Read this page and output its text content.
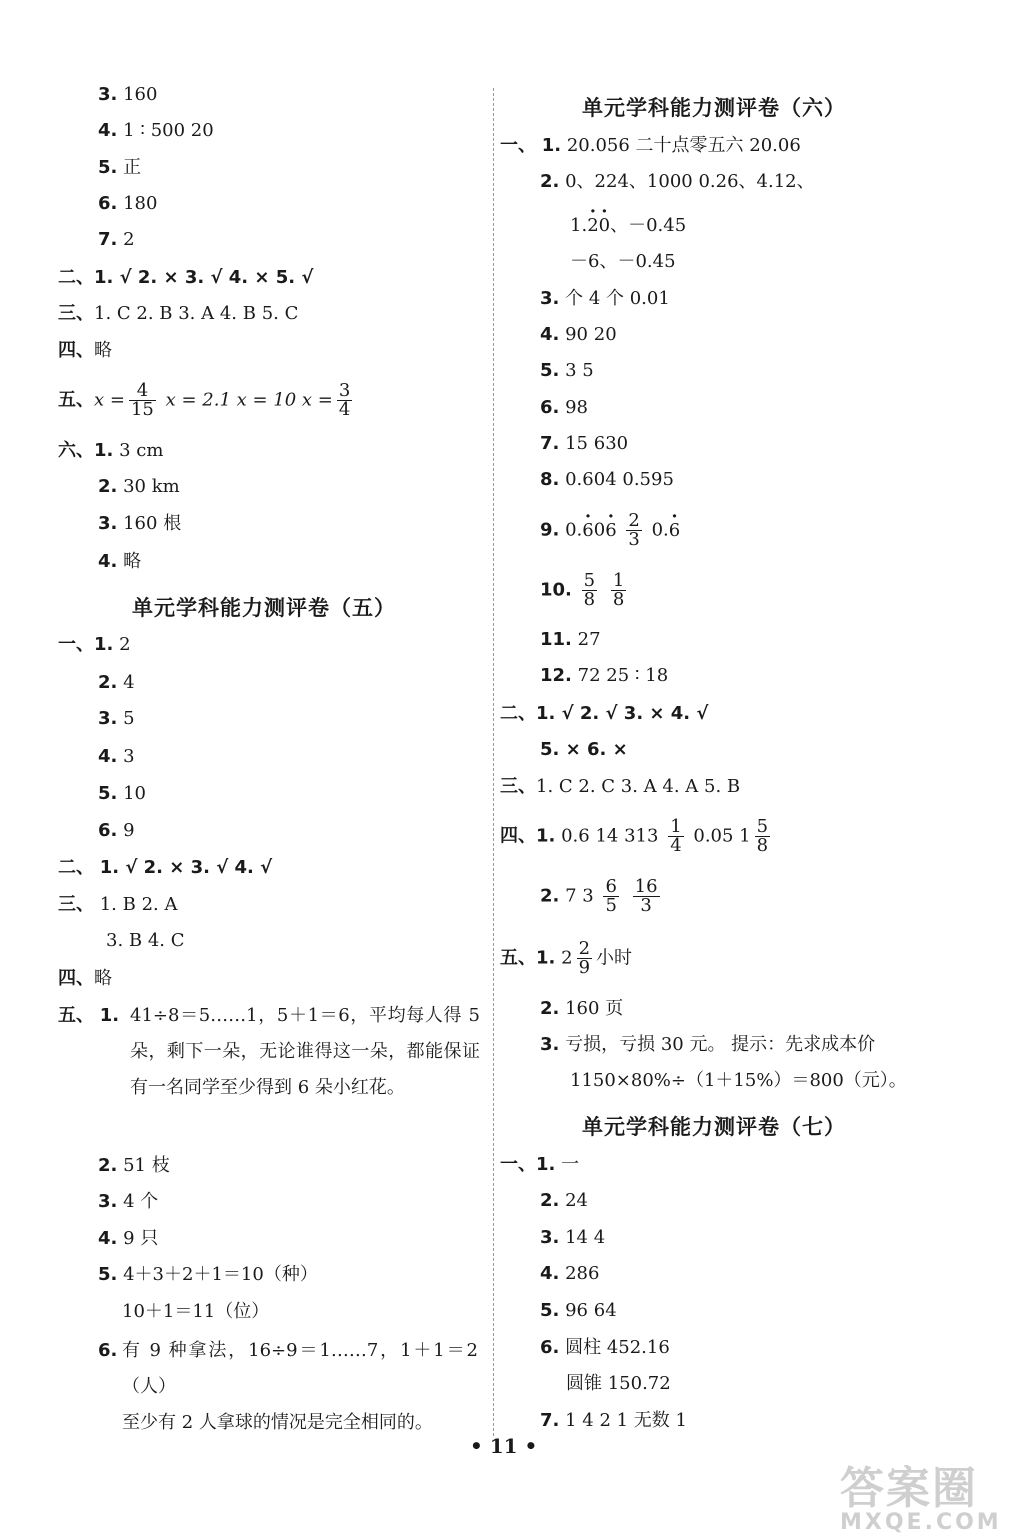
3. 160
4. 1 ∶ 500 20
5. 正
6. 180
7. 2
二、1. √ 2. × 3. √ 4. × 5. √
三、1. C 2. B 3. A 4. B 5. C
四、略
五、$x = \frac{4}{15}$ x = 2.1 x = 10 $x = \frac{3}{4}$
六、1. 3 cm
2. 30 km
3. 160 根
4. 略
单元学科能力测评卷（五）
一、1. 2
2. 4
3. 5
4. 3
5. 10
6. 9
二、 1. √ 2. × 3. √ 4. √
三、 1. B 2. A
3. B 4. C
四、略
五、 1. 41÷8＝5……1，5＋1＝6，平均每人得 5 朵，剩下一朵，无论谁得这一朵，都能保证有一名同学至少得到 6 朵小红花。
2. 51 枝
3. 4 个
4. 9 只
5. 4＋3＋2＋1＝10（种）
10＋1＝11（位）
6. 有 9 种拿法，16÷9＝1……7，1＋1＝2（人）
至少有 2 人拿球的情况是完全相同的。
单元学科能力测评卷（六）
一、 1. 20.056 二十点零五六 20.06
2. 0、224、1000 0.26、4.12、
1.· 2· 0、－0.45
－6、－0.45
3. 个 4 个 0.01
4. 90 20
5. 3 5
6. 98
7. 15 630
8. 0.604 0.595
9. $0.\cdot 60\cdot 6 \frac{2}{3} 0.\cdot 6$
10. $\frac{5}{8}$
$\frac{1}{8}$
11. 27
12. 72 25 ∶ 18
二、1. √ 2. √ 3. × 4. √
5. × 6. ×
三、1. C 2. C 3. A 4. A 5. B
四、1. 0.6 14 $313 \frac{1}{4} 0.05$ $1 \frac{5}{8}$
2. 7 $3 \frac{6}{5}$
$\frac{16}{3}$
五、1. $2 \frac{2}{9}$ 小时
2. 160 页
3. 亏损，亏损 30 元。 提示：先求成本价
1150×80%÷（1＋15%）＝800（元）。
单元学科能力测评卷（七）
一、1. 一
2. 24
3. 14 4
4. 286
5. 96 64
6. 圆柱 452.16
圆锥 150.72
7. 1 4 2 1 无数 1
• 11 •
答案圈
MXQE.COM
